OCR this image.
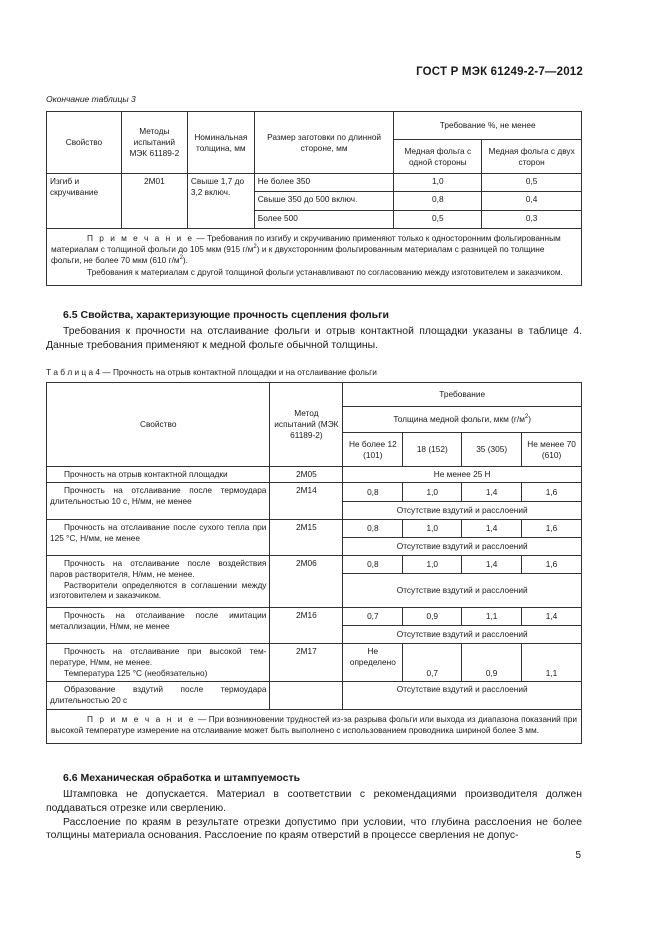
ГОСТ Р МЭК 61249-2-7—2012
Окончание таблицы 3
Свойство	Методы испытаний МЭК 61189-2	Номинальная толщина, мм	Размер заготовки по длинной стороне, мм	Требование %, не менее	
				Медная фольга с одной стороны	Медная фольга с двух сторон
Изгиб и скручивание	2М01	Свыше 1,7 до 3,2 включ.	Не более 350	1,0	0,5
			Свыше 350 до 500 включ.	0,8	0,4
			Более 500	0,5	0,3

П р и м е ч а н и е — Требования по изгибу и скручиванию применяют только к односторонним фольгированным материалам с толщиной фольги до 105 мкм (915 $г/м^2$) и к двухсторонним фольгированным материалам с разницей по толщине фольги, не более 70 мкм (610 $г/м^2$).

Требования к материалам с другой толщиной фольги устанавливают по согласованию между изготовителем и заказчиком.					

6.5 Свойства, характеризующие прочность сцепления фольги

Требования к прочности на отслаивание фольги и отрыв контактной площадки указаны в таблице 4. Данные требования применяют к медной фольге обычной толщины.

Т а б л и ц а 4 — Прочность на отрыв контактной площадки и на отслаивание фольги
Свойство	Метод испытаний (МЭК 61189-2)	Требование			
		Толщина медной фольги, мкм $(г/м^2)$			
		Не более 12 (101)	18 (152)	35 (305)	Не менее 70 (610)
Прочность на отрыв контактной площадки	2М05	Не менее 25 Н			
Прочность на отслаивание после термоудара длительностью 10 с, Н/мм, не менее	2М14	0,8	1,0	1,4	1,6
		Отсутствие вздутий и расслоений			
Прочность на отслаивание после сухого тепла при 125 °С, Н/мм, не менее	2М15	0,8	1,0	1,4	1,6
		Отсутствие вздутий и расслоений			

Прочность на отслаивание после воздействия паров растворителя, Н/мм, не менее.
Растворители определяются в соглашении между изготовителем и заказчиком.	2М06	0,8	1,0	1,4	1,6
		Отсутствие вздутий и расслоений			
Прочность на отслаивание после имитации металлизации, Н/мм, не менее	2М16	0,7	0,9	1,1	1,4
		Отсутствие вздутий и расслоений			

Прочность на отслаивание при высокой температуре, Н/мм, не менее.
Температура 125 °С (необязательно)	2М17	Не определено	0,7	0,9	1,1
Образование вздутий после термоудара длительностью 20 с		Отсутствие вздутий и расслоений			

П р и м е ч а н и е — При возникновении трудностей из-за разрыва фольги или выхода из диапазона показаний при высокой температуре измерение на отслаивание может быть выполнено с использованием проводника шириной более 3 мм.					

6.6 Механическая обработка и штампуемость

Штамповка не допускается. Материал в соответствии с рекомендациями производителя должен поддаваться отрезке или сверлению.

Расслоение по краям в результате отрезки допустимо при условии, что глубина расслоения не более толщины материала основания. Расслоение по краям отверстий в процессе сверления не допус-

5
